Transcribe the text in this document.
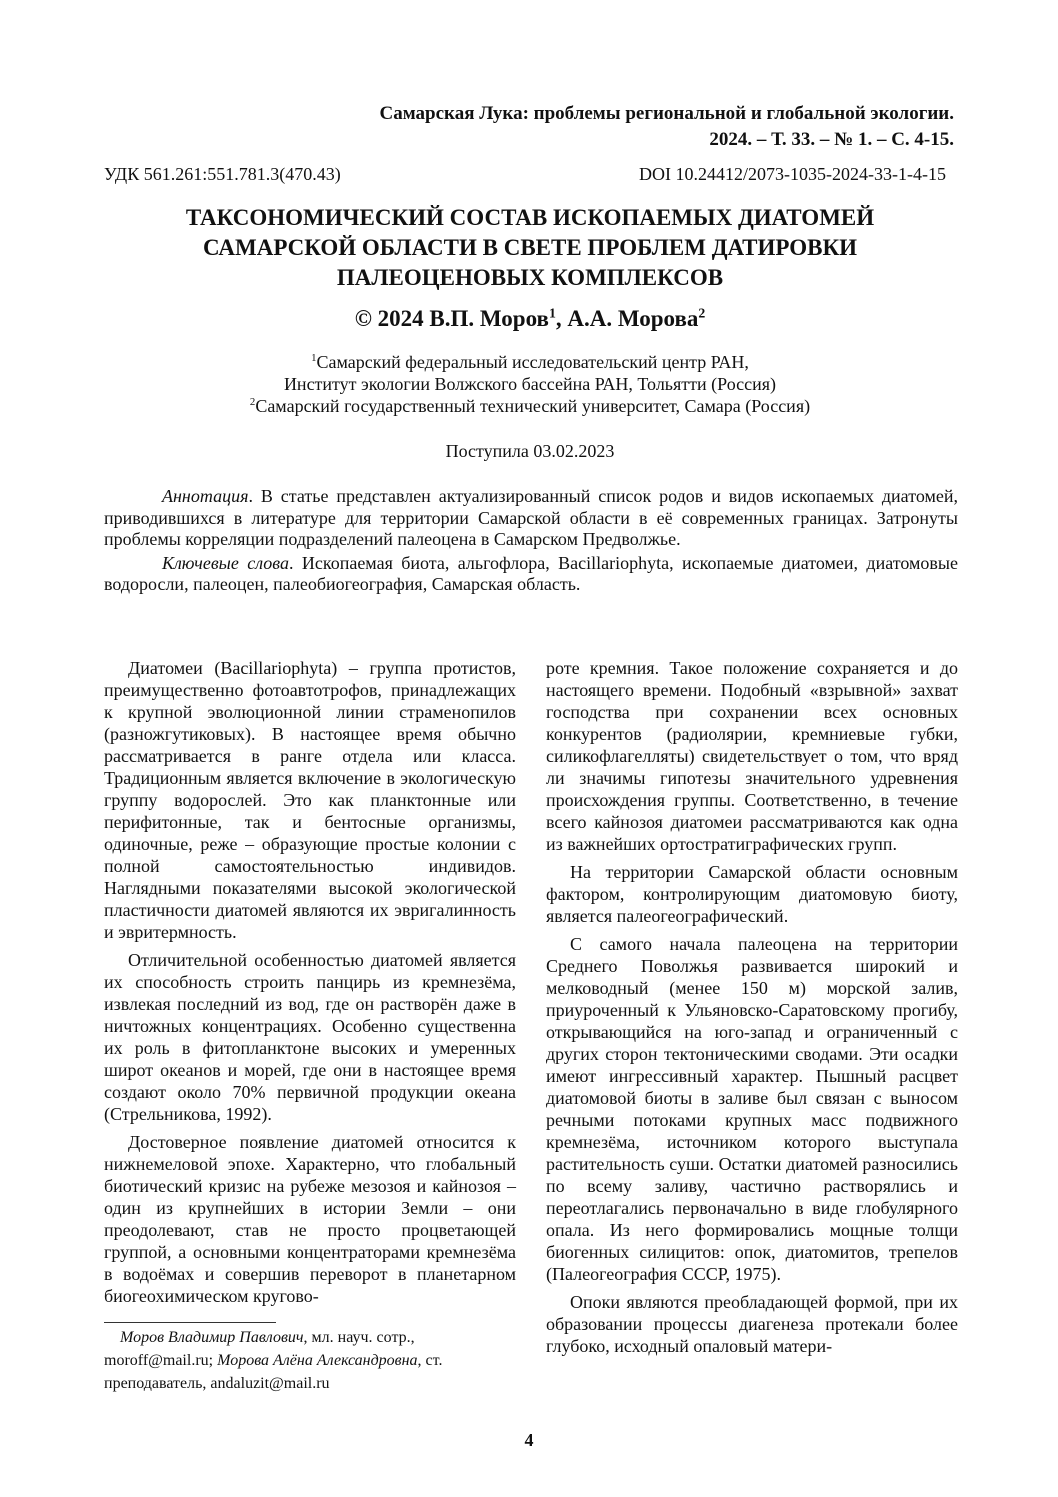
Самарская Лука: проблемы региональной и глобальной экологии.
2024. – Т. 33. – № 1. – С. 4-15.
УДК 561.261:551.781.3(470.43)	DOI 10.24412/2073-1035-2024-33-1-4-15
ТАКСОНОМИЧЕСКИЙ СОСТАВ ИСКОПАЕМЫХ ДИАТОМЕЙ
САМАРСКОЙ ОБЛАСТИ В СВЕТЕ ПРОБЛЕМ ДАТИРОВКИ
ПАЛЕОЦЕНОВЫХ КОМПЛЕКСОВ
© 2024 В.П. Моров$^1$, А.А. Морова$^2$
$^1$Самарский федеральный исследовательский центр РАН,
Институт экологии Волжского бассейна РАН, Тольятти (Россия)
$^2$Самарский государственный технический университет, Самара (Россия)
Поступила 03.02.2023

Аннотация. В статье представлен актуализированный список родов и видов ископаемых диатомей, приводившихся в литературе для территории Самарской области в её современных границах. Затронуты проблемы корреляции подразделений палеоцена в Самарском Предволжье.

Ключевые слова. Ископаемая биота, альгофлора, Bacillariophyta, ископаемые диатомеи, диатомовые водоросли, палеоцен, палеобиогеография, Самарская область.

Диатомеи (Bacillariophyta) – группа протистов, преимущественно фотоавтотрофов, принадлежащих к крупной эволюционной линии страменопилов (разножгутиковых). В настоящее время обычно рассматривается в ранге отдела или класса. Традиционным является включение в экологическую группу водорослей. Это как планктонные или перифитонные, так и бентосные организмы, одиночные, реже – образующие простые колонии с полной самостоятельностью индивидов. Наглядными показателями высокой экологической пластичности диатомей являются их эвригалинность и эвритермность.

Отличительной особенностью диатомей является их способность строить панцирь из кремнезёма, извлекая последний из вод, где он растворён даже в ничтожных концентрациях. Особенно существенна их роль в фитопланктоне высоких и умеренных широт океанов и морей, где они в настоящее время создают около 70% первичной продукции океана (Стрельникова, 1992).

Достоверное появление диатомей относится к нижнемеловой эпохе. Характерно, что глобальный биотический кризис на рубеже мезозоя и кайнозоя – один из крупнейших в истории Земли – они преодолевают, став не просто процветающей группой, а основными концентраторами кремнезёма в водоёмах и совершив переворот в планетарном биогеохимическом кругово-

роте кремния. Такое положение сохраняется и до настоящего времени. Подобный «взрывной» захват господства при сохранении всех основных конкурентов (радиолярии, кремниевые губки, силикофлагелляты) свидетельствует о том, что вряд ли значимы гипотезы значительного удревнения происхождения группы. Соответственно, в течение всего кайнозоя диатомеи рассматриваются как одна из важнейших ортостратиграфических групп.

На территории Самарской области основным фактором, контролирующим диатомовую биоту, является палеогеографический.

С самого начала палеоцена на территории Среднего Поволжья развивается широкий и мелководный (менее 150 м) морской залив, приуроченный к Ульяновско-Саратовскому прогибу, открывающийся на юго-запад и ограниченный с других сторон тектоническими сводами. Эти осадки имеют ингрессивный характер. Пышный расцвет диатомовой биоты в заливе был связан с выносом речными потоками крупных масс подвижного кремнезёма, источником которого выступала растительность суши. Остатки диатомей разносились по всему заливу, частично растворялись и переотлагались первоначально в виде глобулярного опала. Из него формировались мощные толщи биогенных силицитов: опок, диатомитов, трепелов (Палеогеография СССР, 1975).

Опоки являются преобладающей формой, при их образовании процессы диагенеза протекали более глубоко, исходный опаловый матери-

Моров Владимир Павлович, мл. науч. сотр.,
moroff@mail.ru; Морова Алёна Александровна, ст.
преподаватель, andaluzit@mail.ru
4
